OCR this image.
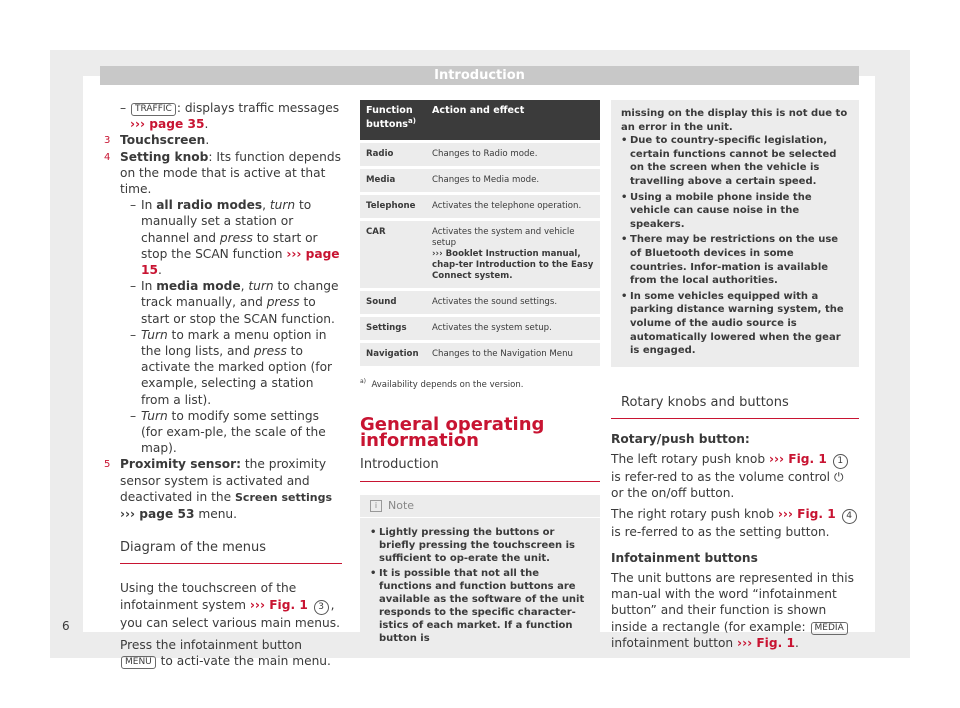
Introduction
– TRAFFIC : displays traffic messages
››› page 35.
3 Touchscreen.
4 Setting knob: Its function depends on the mode that is active at that time.
– In all radio modes, turn to manually set a station or channel and press to start or stop the SCAN function ››› page 15.
– In media mode, turn to change track manually, and press to start or stop the SCAN function.
– Turn to mark a menu option in the long lists, and press to activate the marked option (for example, selecting a station from a list).
– Turn to modify some settings (for exam-ple, the scale of the map).
5 Proximity sensor: the proximity sensor system is activated and deactivated in the Screen settings ››› page 53 menu.
Diagram of the menus
Using the touchscreen of the infotainment system ››› Fig. 1 3 , you can select various main menus.
Press the infotainment button MENU to acti-vate the main menu.
Function buttons$^{a)}$	Action and effect
Radio	Changes to Radio mode.
Media	Changes to Media mode.
Telephone	Activates the telephone operation.
CAR	Activates the system and vehicle setup
››› Booklet Instruction manual, chap-ter Introduction to the Easy Connect system.
Sound	Activates the sound settings.
Settings	Activates the system setup.
Navigation	Changes to the Navigation Menu
$^{a)}$ Availability depends on the version.
General operating information
Introduction
i Note
• Lightly pressing the buttons or briefly pressing the touchscreen is sufficient to op-erate the unit.
• It is possible that not all the functions and function buttons are available as the software of the unit responds to the specific character-istics of each market. If a function button is
missing on the display this is not due to an error in the unit.
• Due to country-specific legislation, certain functions cannot be selected on the screen when the vehicle is travelling above a certain speed.
• Using a mobile phone inside the vehicle can cause noise in the speakers.
• There may be restrictions on the use of Bluetooth devices in some countries. Infor-mation is available from the local authorities.
• In some vehicles equipped with a parking distance warning system, the volume of the audio source is automatically lowered when the gear is engaged.
Rotary knobs and buttons
Rotary/push button:
The left rotary push knob ››› Fig. 1 1 is refer-red to as the volume control ⏻ or the on/off button.
The right rotary push knob ››› Fig. 1 4 is re-ferred to as the setting button.
Infotainment buttons
The unit buttons are represented in this man-ual with the word “infotainment button” and their function is shown inside a rectangle (for example: MEDIA infotainment button ››› Fig. 1.
6
